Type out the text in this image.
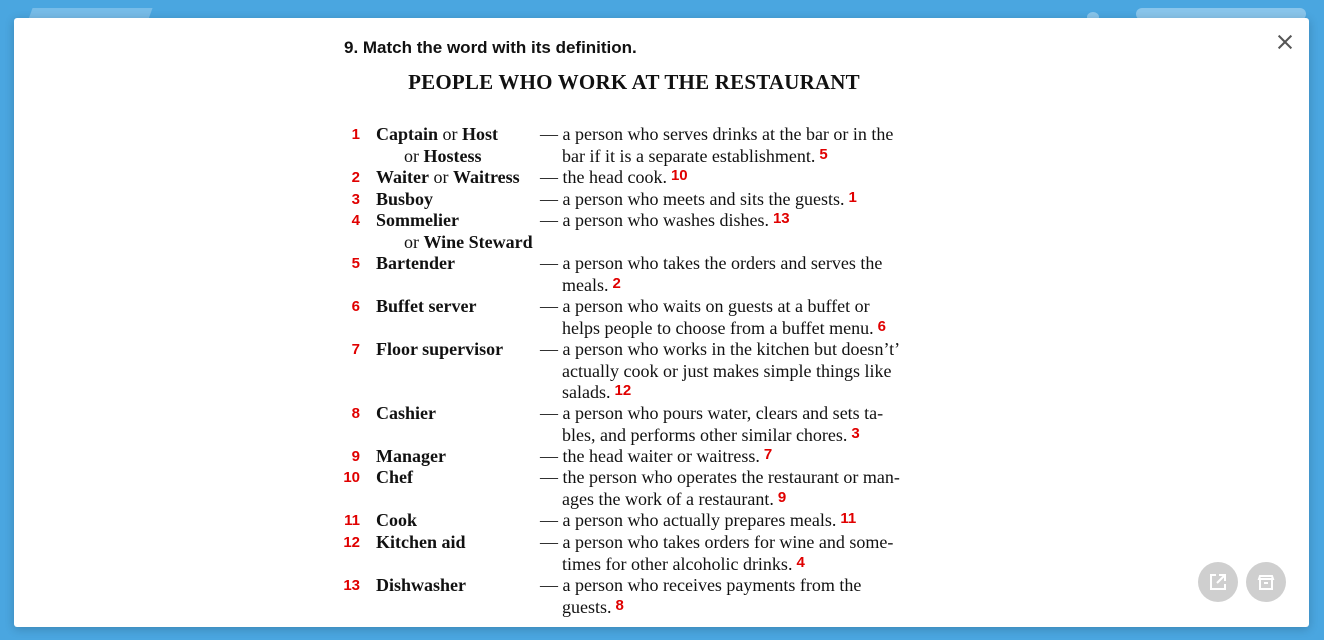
9. Match the word with its definition.
PEOPLE WHO WORK AT THE RESTAURANT
1 Captain or Host
or Hostess
2 Waiter or Waitress
3 Busboy
4 Sommelier
or Wine Steward
5 Bartender
6 Buffet server
7 Floor supervisor
8 Cashier
9 Manager
10 Chef
11 Cook
12 Kitchen aid
13 Dishwasher
— a person who serves drinks at the bar or in the
bar if it is a separate establishment. 5
— the head cook. 10
— a person who meets and sits the guests. 1
— a person who washes dishes. 13
— a person who takes the orders and serves the
meals. 2
— a person who waits on guests at a buffet or
helps people to choose from a buffet menu. 6
— a person who works in the kitchen but doesn’t’
actually cook or just makes simple things like
salads. 12
— a person who pours water, clears and sets ta-
bles, and performs other similar chores. 3
— the head waiter or waitress. 7
— the person who operates the restaurant or man-
ages the work of a restaurant. 9
— a person who actually prepares meals. 11
— a person who takes orders for wine and some-
times for other alcoholic drinks. 4
— a person who receives payments from the
guests. 8
